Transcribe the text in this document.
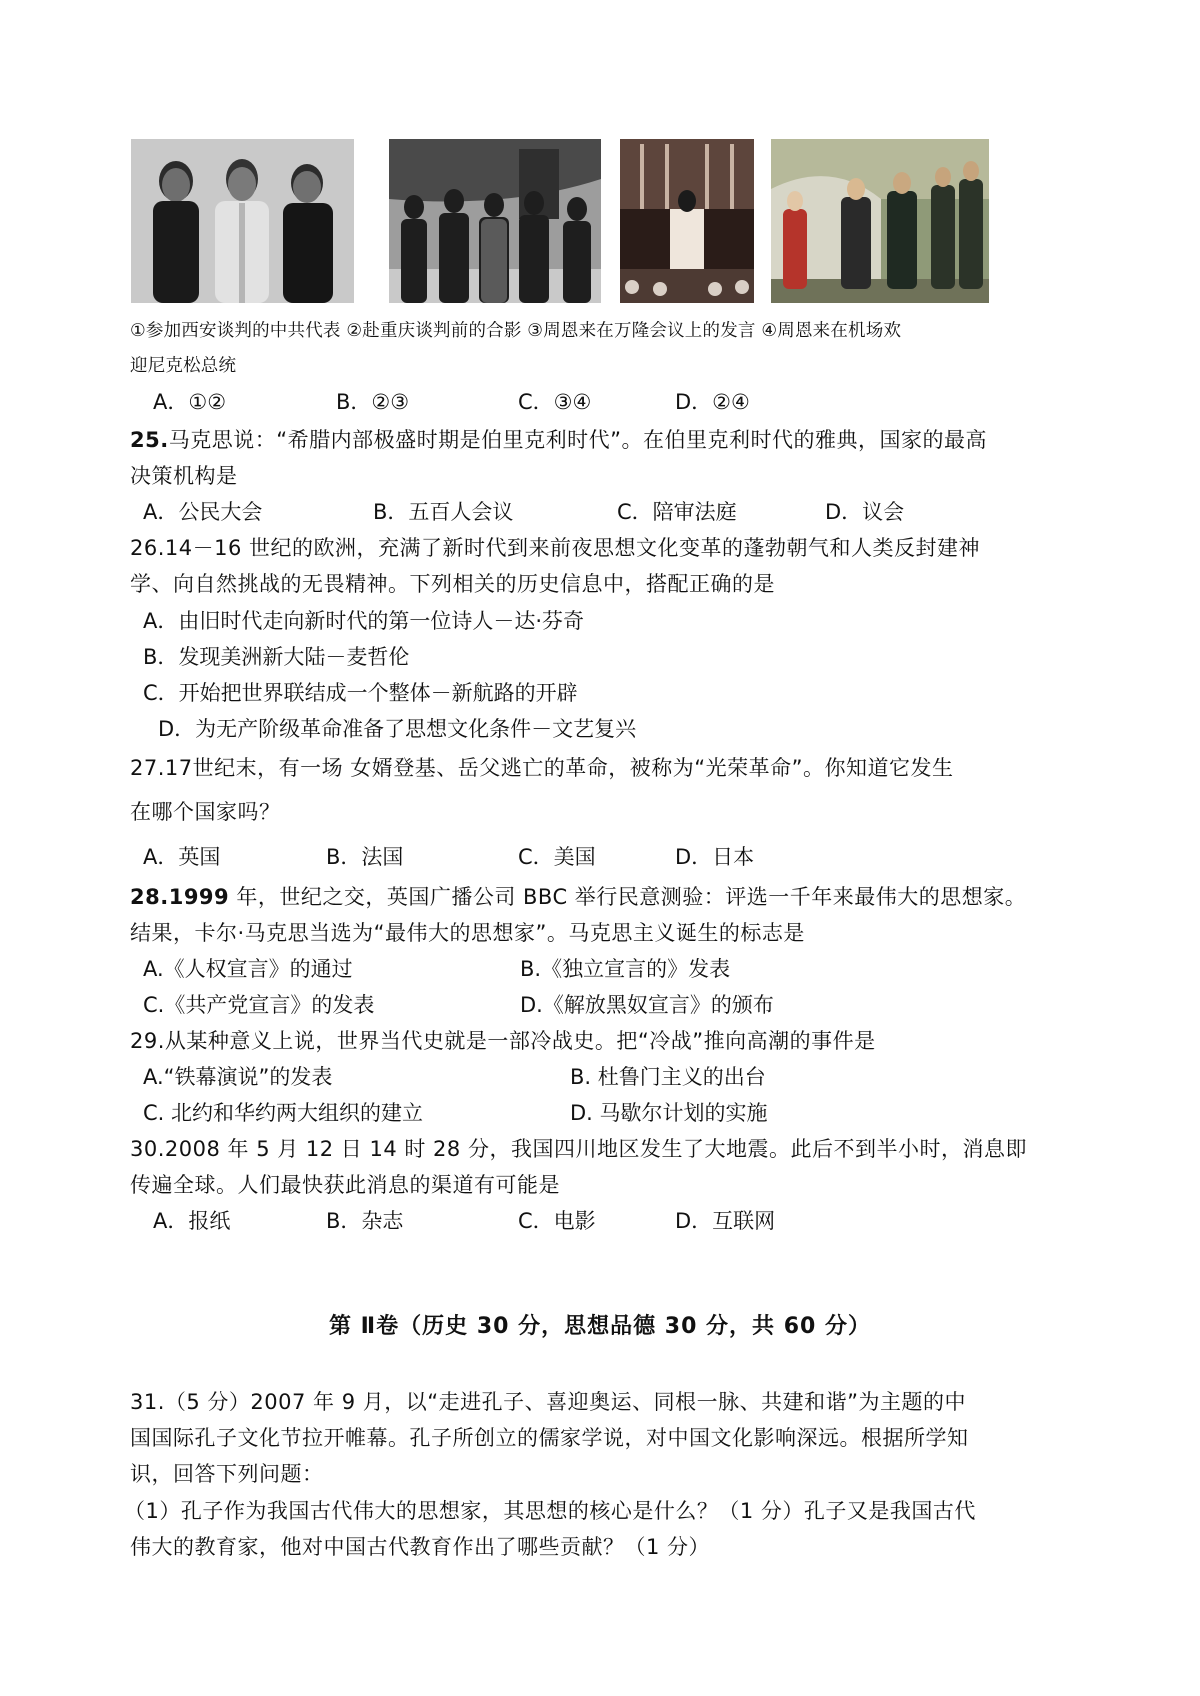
①参加西安谈判的中共代表 ②赴重庆谈判前的合影 ③周恩来在万隆会议上的发言 ④周恩来在机场欢
迎尼克松总统
A．①②	B．②③	C．③④	D．②④
25.马克思说：“希腊内部极盛时期是伯里克利时代”。在伯里克利时代的雅典，国家的最高
决策机构是
A．公民大会	B．五百人会议	C．陪审法庭	D．议会
26.14－16 世纪的欧洲，充满了新时代到来前夜思想文化变革的蓬勃朝气和人类反封建神
学、向自然挑战的无畏精神。下列相关的历史信息中，搭配正确的是
A．由旧时代走向新时代的第一位诗人－达·芬奇
B．发现美洲新大陆－麦哲伦
C．开始把世界联结成一个整体－新航路的开辟
D．为无产阶级革命准备了思想文化条件－文艺复兴
27.17世纪末，有一场 女婿登基、岳父逃亡的革命，被称为“光荣革命”。你知道它发生
在哪个国家吗？
A．英国	B．法国	C．美国	D．日本
28.1999 年，世纪之交，英国广播公司 BBC 举行民意测验：评选一千年来最伟大的思想家。
结果，卡尔·马克思当选为“最伟大的思想家”。马克思主义诞生的标志是
A.《人权宣言》的通过	B.《独立宣言的》发表
C.《共产党宣言》的发表	D.《解放黑奴宣言》的颁布
29.从某种意义上说，世界当代史就是一部冷战史。把“冷战”推向高潮的事件是
A.“铁幕演说”的发表	B. 杜鲁门主义的出台
C. 北约和华约两大组织的建立	D. 马歇尔计划的实施
30.2008 年 5 月 12 日 14 时 28 分，我国四川地区发生了大地震。此后不到半小时，消息即
传遍全球。人们最快获此消息的渠道有可能是
A．报纸	B．杂志	C．电影	D．互联网
第 Ⅱ卷（历史 30 分，思想品德 30 分，共 60 分）
31.（5 分）2007 年 9 月，以“走进孔子、喜迎奥运、同根一脉、共建和谐”为主题的中
国国际孔子文化节拉开帷幕。孔子所创立的儒家学说，对中国文化影响深远。根据所学知
识，回答下列问题：
（1）孔子作为我国古代伟大的思想家，其思想的核心是什么？（1 分）孔子又是我国古代
伟大的教育家，他对中国古代教育作出了哪些贡献？（1 分）
